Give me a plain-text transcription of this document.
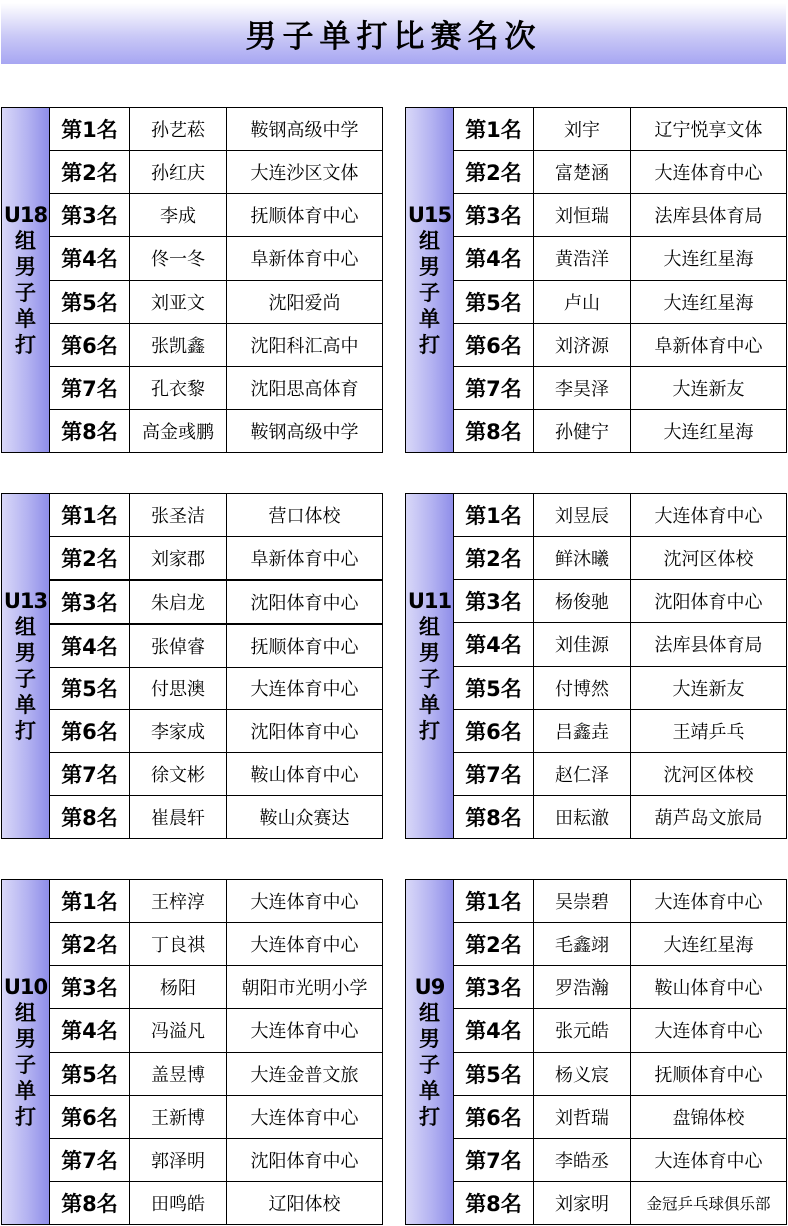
男子单打比赛名次
U18
组
男
子
单
打
第1名	孙艺菘	鞍钢高级中学
第2名	孙红庆	大连沙区文体
第3名	李成	抚顺体育中心
第4名	佟一冬	阜新体育中心
第5名	刘亚文	沈阳爱尚
第6名	张凯鑫	沈阳科汇高中
第7名	孔衣黎	沈阳思高体育
第8名	高金彧鹏	鞍钢高级中学
U15
组
男
子
单
打
第1名	刘宇	辽宁悦享文体
第2名	富楚涵	大连体育中心
第3名	刘恒瑞	法库县体育局
第4名	黄浩洋	大连红星海
第5名	卢山	大连红星海
第6名	刘济源	阜新体育中心
第7名	李昊泽	大连新友
第8名	孙健宁	大连红星海
U13
组
男
子
单
打
第1名	张圣洁	营口体校
第2名	刘家郡	阜新体育中心
第3名	朱启龙	沈阳体育中心
第4名	张倬睿	抚顺体育中心
第5名	付思澳	大连体育中心
第6名	李家成	沈阳体育中心
第7名	徐文彬	鞍山体育中心
第8名	崔晨轩	鞍山众赛达
U11
组
男
子
单
打
第1名	刘昱辰	大连体育中心
第2名	鲜沐曦	沈河区体校
第3名	杨俊驰	沈阳体育中心
第4名	刘佳源	法库县体育局
第5名	付博然	大连新友
第6名	吕鑫垚	王靖乒乓
第7名	赵仁泽	沈河区体校
第8名	田耘澈	葫芦岛文旅局
U10
组
男
子
单
打
第1名	王梓淳	大连体育中心
第2名	丁良祺	大连体育中心
第3名	杨阳	朝阳市光明小学
第4名	冯溢凡	大连体育中心
第5名	盖昱博	大连金普文旅
第6名	王新博	大连体育中心
第7名	郭泽明	沈阳体育中心
第8名	田鸣皓	辽阳体校
U9
组
男
子
单
打
第1名	吴崇碧	大连体育中心
第2名	毛鑫翊	大连红星海
第3名	罗浩瀚	鞍山体育中心
第4名	张元皓	大连体育中心
第5名	杨义宸	抚顺体育中心
第6名	刘哲瑞	盘锦体校
第7名	李皓丞	大连体育中心
第8名	刘家明	金冠乒乓球俱乐部
